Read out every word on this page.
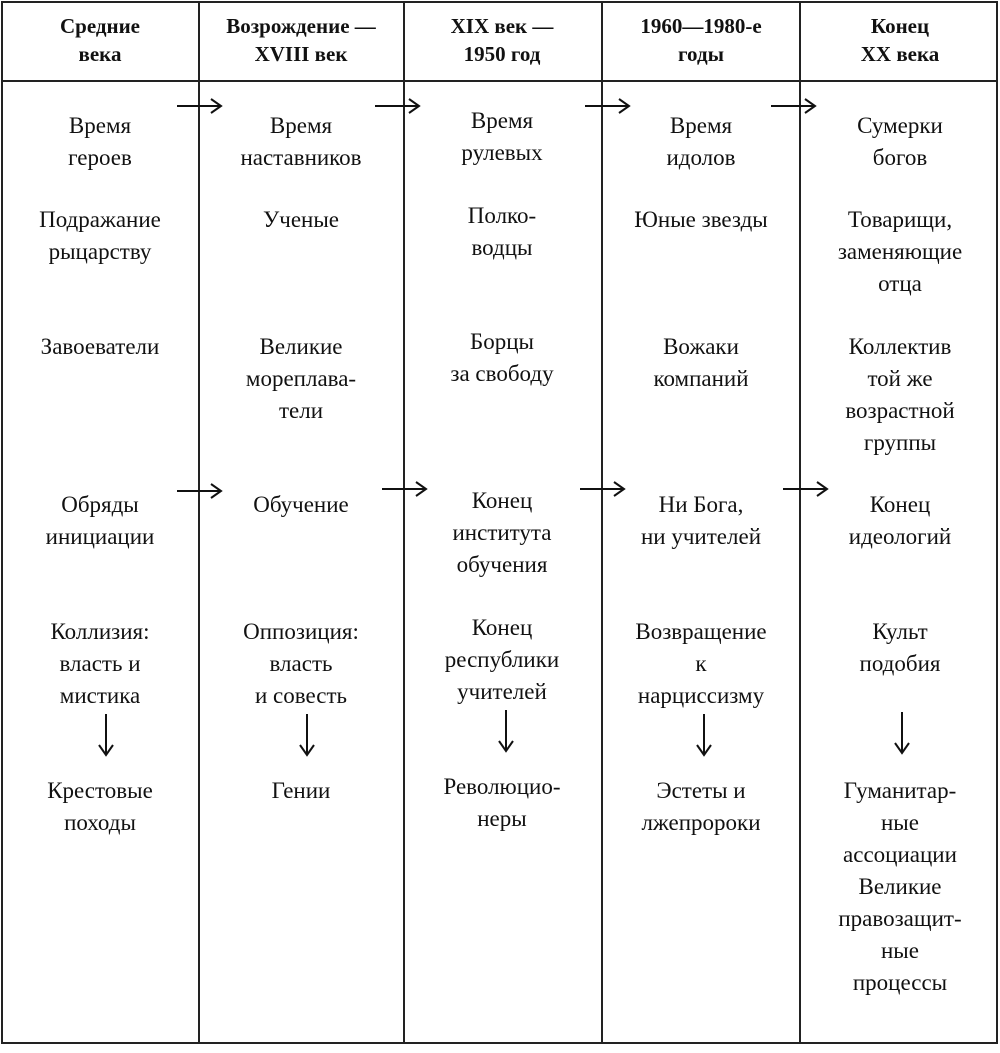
Средние
века
Возрождение —
XVIII век
XIX век —
1950 год
1960—1980-е
годы
Конец
XX века
Время
героев
Подражание
рыцарству
Завоеватели
Обряды
инициации
Коллизия:
власть и
мистика
Крестовые
походы
Время
наставников
Ученые
Великие
мореплава-
тели
Обучение
Оппозиция:
власть
и совесть
Гении
Время
рулевых
Полко-
водцы
Борцы
за свободу
Конец
института
обучения
Конец
республики
учителей
Революцио-
неры
Время
идолов
Юные звезды
Вожаки
компаний
Ни Бога,
ни учителей
Возвращение
к
нарциссизму
Эстеты и
лжепророки
Сумерки
богов
Товарищи,
заменяющие
отца
Коллектив
той же
возрастной
группы
Конец
идеологий
Культ
подобия
Гуманитар-
ные
ассоциации
Великие
правозащит-
ные
процессы
